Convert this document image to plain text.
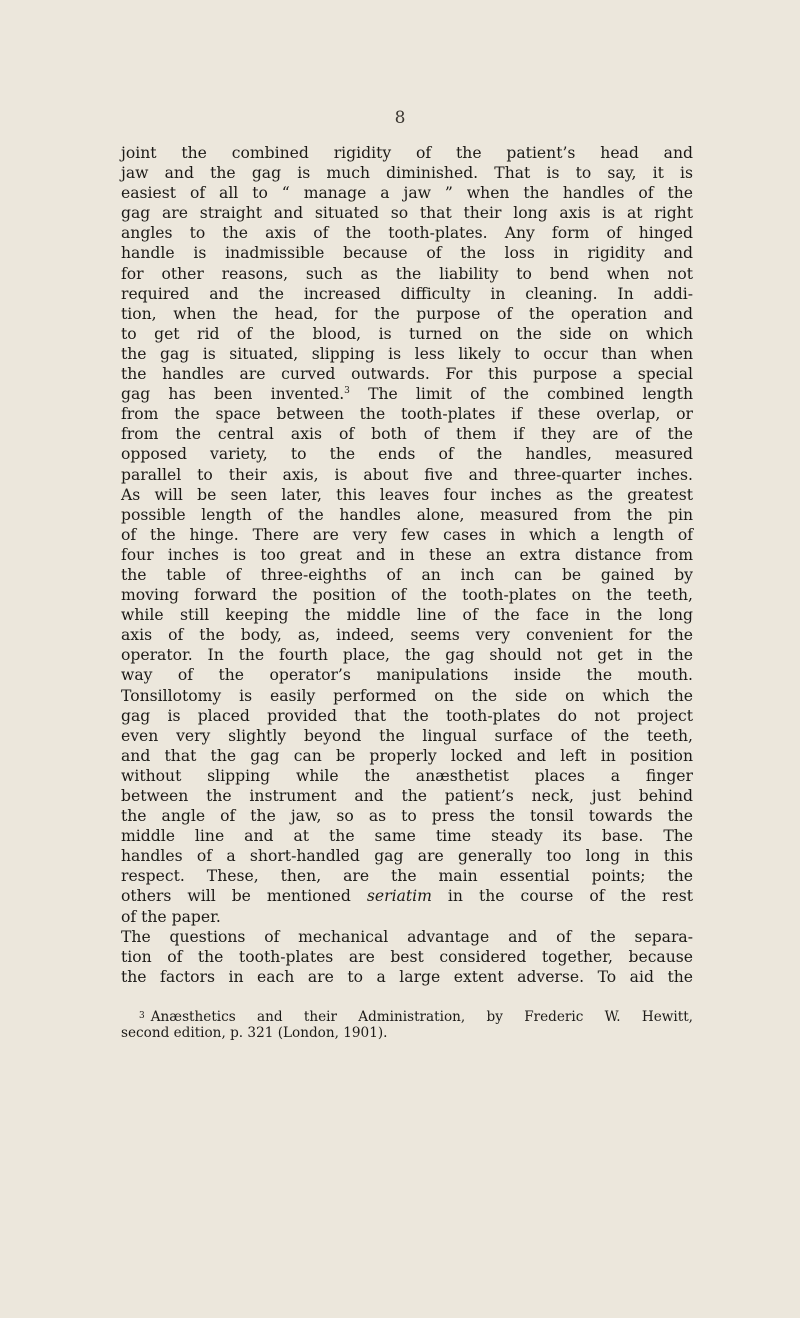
8
joint the combined rigidity of the patient’s head and
jaw and the gag is much diminished. That is to say, it is
easiest of all to “ manage a jaw ” when the handles of the
gag are straight and situated so that their long axis is at right
angles to the axis of the tooth-plates. Any form of hinged
handle is inadmissible because of the loss in rigidity and
for other reasons, such as the liability to bend when not
required and the increased difficulty in cleaning. In addi-
tion, when the head, for the purpose of the operation and
to get rid of the blood, is turned on the side on which
the gag is situated, slipping is less likely to occur than when
the handles are curved outwards. For this purpose a special
gag has been invented.$^3$ The limit of the combined length
from the space between the tooth-plates if these overlap, or
from the central axis of both of them if they are of the
opposed variety, to the ends of the handles, measured
parallel to their axis, is about five and three-quarter inches.
As will be seen later, this leaves four inches as the greatest
possible length of the handles alone, measured from the pin
of the hinge. There are very few cases in which a length of
four inches is too great and in these an extra distance from
the table of three-eighths of an inch can be gained by
moving forward the position of the tooth-plates on the teeth,
while still keeping the middle line of the face in the long
axis of the body, as, indeed, seems very convenient for the
operator. In the fourth place, the gag should not get in the
way of the operator’s manipulations inside the mouth.
Tonsillotomy is easily performed on the side on which the
gag is placed provided that the tooth-plates do not project
even very slightly beyond the lingual surface of the teeth,
and that the gag can be properly locked and left in position
without slipping while the anæsthetist places a finger
between the instrument and the patient’s neck, just behind
the angle of the jaw, so as to press the tonsil towards the
middle line and at the same time steady its base. The
handles of a short-handled gag are generally too long in this
respect. These, then, are the main essential points; the
others will be mentioned seriatim in the course of the rest
of the paper.
The questions of mechanical advantage and of the separa-
tion of the tooth-plates are best considered together, because
the factors in each are to a large extent adverse. To aid the
$^3$ Anæsthetics and their Administration, by Frederic W. Hewitt,
second edition, p. 321 (London, 1901).
